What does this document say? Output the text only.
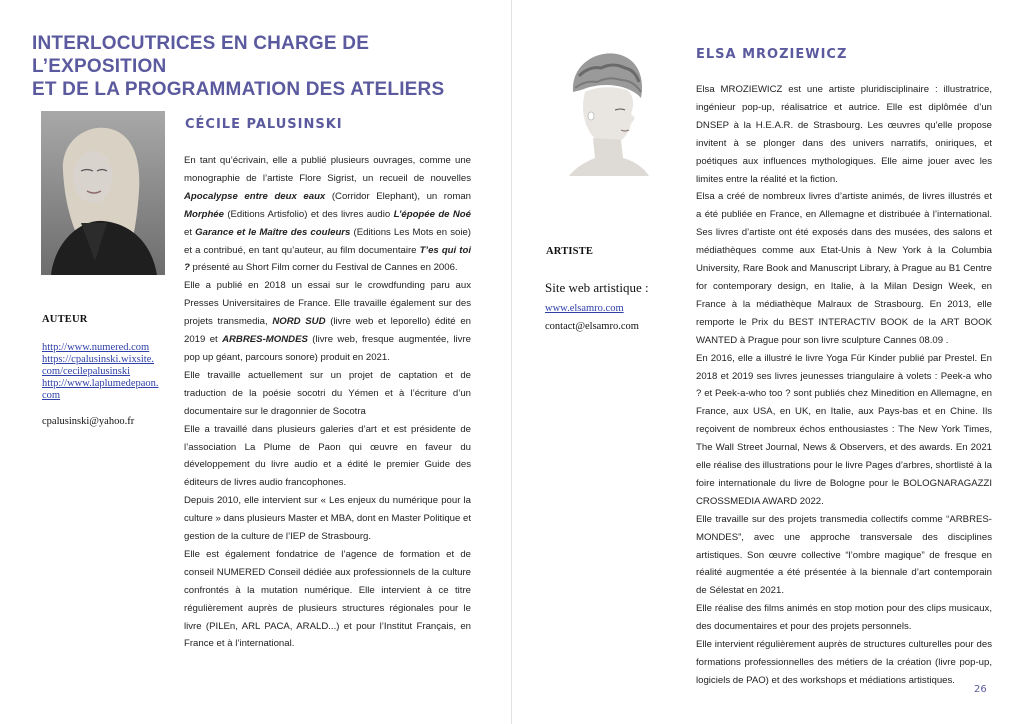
INTERLOCUTRICES EN CHARGE DE L’EXPOSITION
ET DE LA PROGRAMMATION DES ATELIERS
CÉCILE PALUSINSKI
AUTEUR
http://www.numered.com
https://cpalusinski.wixsite.
com/cecilepalusinski
http://www.laplumedepaon.
com
cpalusinski@yahoo.fr

En tant qu’écrivain, elle a publié plusieurs ouvrages, comme une monographie de l’artiste Flore Sigrist, un recueil de nouvelles Apocalypse entre deux eaux (Corridor Elephant), un roman Morphée (Editions Artisfolio) et des livres audio L’épopée de Noé et Garance et le Maître des couleurs (Editions Les Mots en soie) et a contribué, en tant qu’auteur, au film documentaire T’es qui toi ? présenté au Short Film corner du Festival de Cannes en 2006.

Elle a publié en 2018 un essai sur le crowdfunding paru aux Presses Universitaires de France. Elle travaille également sur des projets transmedia, NORD SUD (livre web et leporello) édité en 2019 et ARBRES-MONDES (livre web, fresque augmentée, livre pop up géant, parcours sonore) produit en 2021.

Elle travaille actuellement sur un projet de captation et de traduction de la poésie socotri du Yémen et à l’écriture d’un documentaire sur le dragonnier de Socotra

Elle a travaillé dans plusieurs galeries d’art et est présidente de l’association La Plume de Paon qui œuvre en faveur du développement du livre audio et a édité le premier Guide des éditeurs de livres audio francophones.

Depuis 2010, elle intervient sur « Les enjeux du numérique pour la culture » dans plusieurs Master et MBA, dont en Master Politique et gestion de la culture de l’IEP de Strasbourg.

Elle est également fondatrice de l’agence de formation et de conseil NUMERED Conseil dédiée aux professionnels de la culture confrontés à la mutation numérique. Elle intervient à ce titre régulièrement auprès de plusieurs structures régionales pour le livre (PILEn, ARL PACA, ARALD...) et pour l’Institut Français, en France et à l’international.

ELSA MROZIEWICZ
ARTISTE
Site web artistique :
www.elsamro.com
contact@elsamro.com

Elsa MROZIEWICZ est une artiste pluridisciplinaire : illustratrice, ingénieur pop-up, réalisatrice et autrice. Elle est diplômée d’un DNSEP à la H.E.A.R. de Strasbourg. Les œuvres qu’elle propose invitent à se plonger dans des univers narratifs, oniriques, et poétiques aux influences mythologiques. Elle aime jouer avec les limites entre la réalité et la fiction.

Elsa a créé de nombreux livres d’artiste animés, de livres illustrés et a été publiée en France, en Allemagne et distribuée à l’international. Ses livres d’artiste ont été exposés dans des musées, des salons et médiathèques comme aux Etat-Unis à New York à la Columbia University, Rare Book and Manuscript Library, à Prague au B1 Centre for contemporary design, en Italie, à la Milan Design Week, en France à la médiathèque Malraux de Strasbourg. En 2013, elle remporte le Prix du BEST INTERACTIV BOOK de la ART BOOK WANTED à Prague pour son livre sculpture Cannes 08.09 .

En 2016, elle a illustré le livre Yoga Für Kinder publié par Prestel. En 2018 et 2019 ses livres jeunesses triangulaire à volets : Peek-a who ? et Peek-a-who too ? sont publiés chez Minedition en Allemagne, en France, aux USA, en UK, en Italie, aux Pays-bas et en Chine. Ils reçoivent de nombreux échos enthousiastes : The New York Times, The Wall Street Journal, News & Observers, et des awards. En 2021 elle réalise des illustrations pour le livre Pages d’arbres, shortlisté à la foire internationale du livre de Bologne pour le BOLOGNARAGAZZI CROSSMEDIA AWARD 2022.

Elle travaille sur des projets transmedia collectifs comme “ARBRES-MONDES”, avec une approche transversale des disciplines artistiques. Son œuvre collective “l’ombre magique” de fresque en réalité augmentée a été présentée à la biennale d’art contemporain de Sélestat en 2021.

Elle réalise des films animés en stop motion pour des clips musicaux, des documentaires et pour des projets personnels.

Elle intervient régulièrement auprès de structures culturelles pour des formations professionnelles des métiers de la création (livre pop-up, logiciels de PAO) et des workshops et médiations artistiques.

26
